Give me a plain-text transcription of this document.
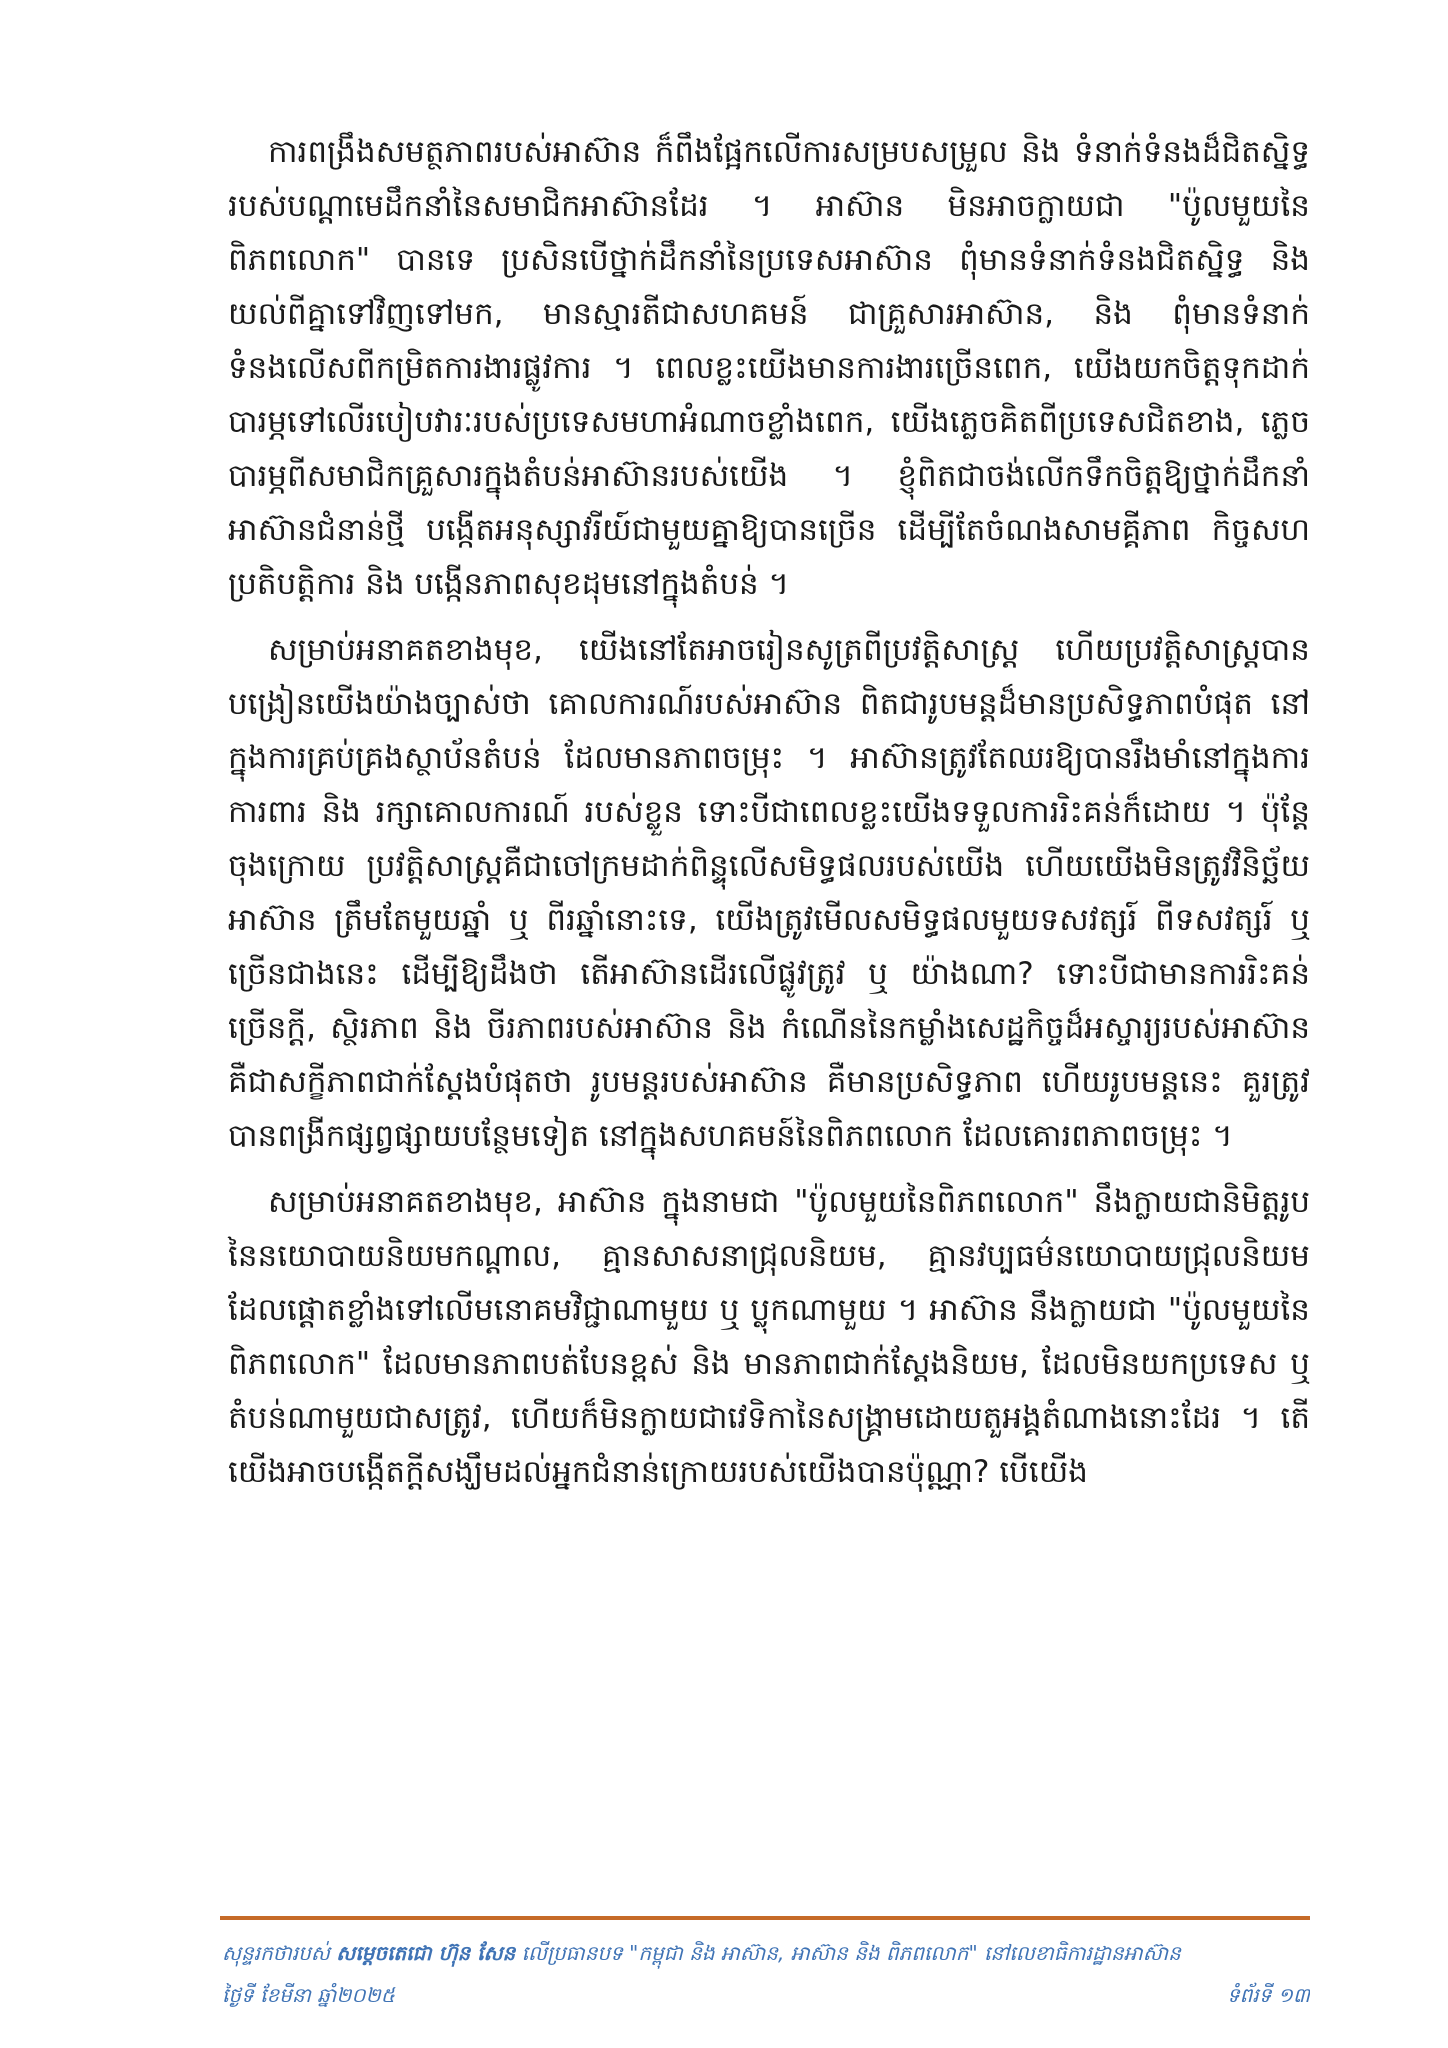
ការពង្រឹងសមត្ថភាពរបស់អាស៊ាន ក៏ពឹងផ្អែកលើការសម្របសម្រួល និង ទំនាក់ទំនងដ៏ជិតស្និទ្ធរបស់បណ្ដាមេដឹកនាំនៃសមាជិកអាស៊ានដែរ ។ អាស៊ាន មិនអាចក្លាយជា "ប៉ូលមួយនៃពិភពលោក" បានទេ ប្រសិនបើថ្នាក់ដឹកនាំនៃប្រទេសអាស៊ាន ពុំមានទំនាក់ទំនងជិតស្និទ្ធ និង យល់ពីគ្នាទៅវិញទៅមក, មានស្មារតីជាសហគមន៍ ជាគ្រួសារអាស៊ាន, និង ពុំមានទំនាក់ទំនងលើសពីកម្រិតការងារផ្លូវការ ។ ពេលខ្លះយើងមានការងារច្រើនពេក, យើងយកចិត្តទុកដាក់ បារម្ភទៅលើរបៀបវារៈរបស់ប្រទេសមហាអំណាចខ្លាំងពេក, យើងភ្លេចគិតពីប្រទេសជិតខាង, ភ្លេចបារម្ភពីសមាជិកគ្រួសារក្នុងតំបន់អាស៊ានរបស់យើង ។ ខ្ញុំពិតជាចង់លើកទឹកចិត្តឱ្យថ្នាក់ដឹកនាំអាស៊ានជំនាន់ថ្មី បង្កើតអនុស្សាវរីយ៍ជាមួយគ្នាឱ្យបានច្រើន ដើម្បីតែចំណងសាមគ្គីភាព កិច្ចសហប្រតិបត្តិការ និង បង្កើនភាពសុខដុមនៅក្នុងតំបន់ ។

សម្រាប់អនាគតខាងមុខ, យើងនៅតែអាចរៀនសូត្រពីប្រវត្តិសាស្ត្រ ហើយប្រវត្តិសាស្ត្របានបង្រៀនយើងយ៉ាងច្បាស់ថា គោលការណ៍របស់អាស៊ាន ពិតជារូបមន្តដ៏មានប្រសិទ្ធភាពបំផុត នៅក្នុងការគ្រប់គ្រងស្ថាប័នតំបន់ ដែលមានភាពចម្រុះ ។ អាស៊ានត្រូវតែឈរឱ្យបានរឹងមាំនៅក្នុងការការពារ និង រក្សាគោលការណ៍ របស់ខ្លួន ទោះបីជាពេលខ្លះយើងទទួលការរិះគន់ក៏ដោយ ។ ប៉ុន្តែ ចុងក្រោយ ប្រវត្តិសាស្ត្រគឺជាចៅក្រមដាក់ពិន្ទុលើសមិទ្ធផលរបស់យើង ហើយយើងមិនត្រូវវិនិច្ឆ័យអាស៊ាន ត្រឹមតែមួយឆ្នាំ ឬ ពីរឆ្នាំនោះទេ, យើងត្រូវមើលសមិទ្ធផលមួយទសវត្សរ៍ ពីទសវត្សរ៍ ឬ ច្រើនជាងនេះ ដើម្បីឱ្យដឹងថា តើអាស៊ានដើរលើផ្លូវត្រូវ ឬ យ៉ាងណា? ទោះបីជាមានការរិះគន់ច្រើនក្តី, ស្ថិរភាព និង ចីរភាពរបស់អាស៊ាន និង កំណើននៃកម្លាំងសេដ្ឋកិច្ចដ៏អស្ចារ្យរបស់អាស៊ាន គឺជាសក្ខីភាពជាក់ស្តែងបំផុតថា រូបមន្តរបស់អាស៊ាន គឺមានប្រសិទ្ធភាព ហើយរូបមន្តនេះ គួរត្រូវបានពង្រីកផ្សព្វផ្សាយបន្ថែមទៀត នៅក្នុងសហគមន៍នៃពិភពលោក ដែលគោរពភាពចម្រុះ ។

សម្រាប់អនាគតខាងមុខ, អាស៊ាន ក្នុងនាមជា "ប៉ូលមួយនៃពិភពលោក" នឹងក្លាយជានិមិត្តរូបនៃនយោបាយនិយមកណ្តាល, គ្មានសាសនាជ្រុលនិយម, គ្មានវប្បធម៌នយោបាយជ្រុលនិយម ដែលផ្តោតខ្លាំងទៅលើមនោគមវិជ្ជាណាមួយ ឬ ប្លុកណាមួយ ។ អាស៊ាន នឹងក្លាយជា "ប៉ូលមួយនៃពិភពលោក" ដែលមានភាពបត់បែនខ្ពស់ និង មានភាពជាក់ស្តែងនិយម, ដែលមិនយកប្រទេស ឬ តំបន់ណាមួយជាសត្រូវ, ហើយក៏មិនក្លាយជាវេទិកានៃសង្គ្រាមដោយតួអង្គតំណាងនោះដែរ ។ តើយើងអាចបង្កើតក្តីសង្ឃឹមដល់អ្នកជំនាន់ក្រោយរបស់យើងបានប៉ុណ្ណា? បើយើង

សុន្ទរកថារបស់ សម្តេចតេជោ ហ៊ុន សែន លើប្រធានបទ "កម្ពុជា និង អាស៊ាន, អាស៊ាន និង ពិភពលោក" នៅលេខាធិការដ្ឋានអាស៊ាន
ថ្ងៃទី ខែមីនា ឆ្នាំ២០២៥	ទំព័រទី ១៣
